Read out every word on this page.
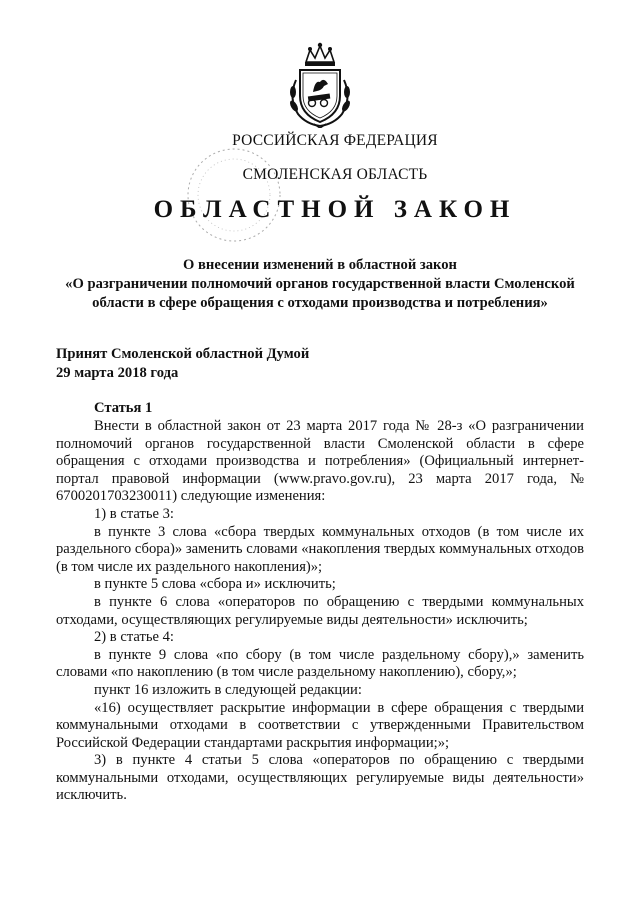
РОССИЙСКАЯ ФЕДЕРАЦИЯ
СМОЛЕНСКАЯ ОБЛАСТЬ
ОБЛАСТНОЙ ЗАКОН
О внесении изменений в областной закон
«О разграничении полномочий органов государственной власти Смоленской
области в сфере обращения с отходами производства и потребления»
Принят Смоленской областной Думой
29 марта 2018 года
Статья 1

Внести в областной закон от 23 марта 2017 года № 28-з «О разграничении полномочий органов государственной власти Смоленской области в сфере обращения с отходами производства и потребления» (Официальный интернет-портал правовой информации (www.pravo.gov.ru), 23 марта 2017 года, № 6700201703230011) следующие изменения:

1) в статье 3:

в пункте 3 слова «сбора твердых коммунальных отходов (в том числе их раздельного сбора)» заменить словами «накопления твердых коммунальных отходов (в том числе их раздельного накопления)»;

в пункте 5 слова «сбора и» исключить;

в пункте 6 слова «операторов по обращению с твердыми коммунальных отходами, осуществляющих регулируемые виды деятельности» исключить;

2) в статье 4:

в пункте 9 слова «по сбору (в том числе раздельному сбору),» заменить словами «по накоплению (в том числе раздельному накоплению), сбору,»;

пункт 16 изложить в следующей редакции:

«16) осуществляет раскрытие информации в сфере обращения с твердыми коммунальными отходами в соответствии с утвержденными Правительством Российской Федерации стандартами раскрытия информации;»;

3) в пункте 4 статьи 5 слова «операторов по обращению с твердыми коммунальными отходами, осуществляющих регулируемые виды деятельности» исключить.
